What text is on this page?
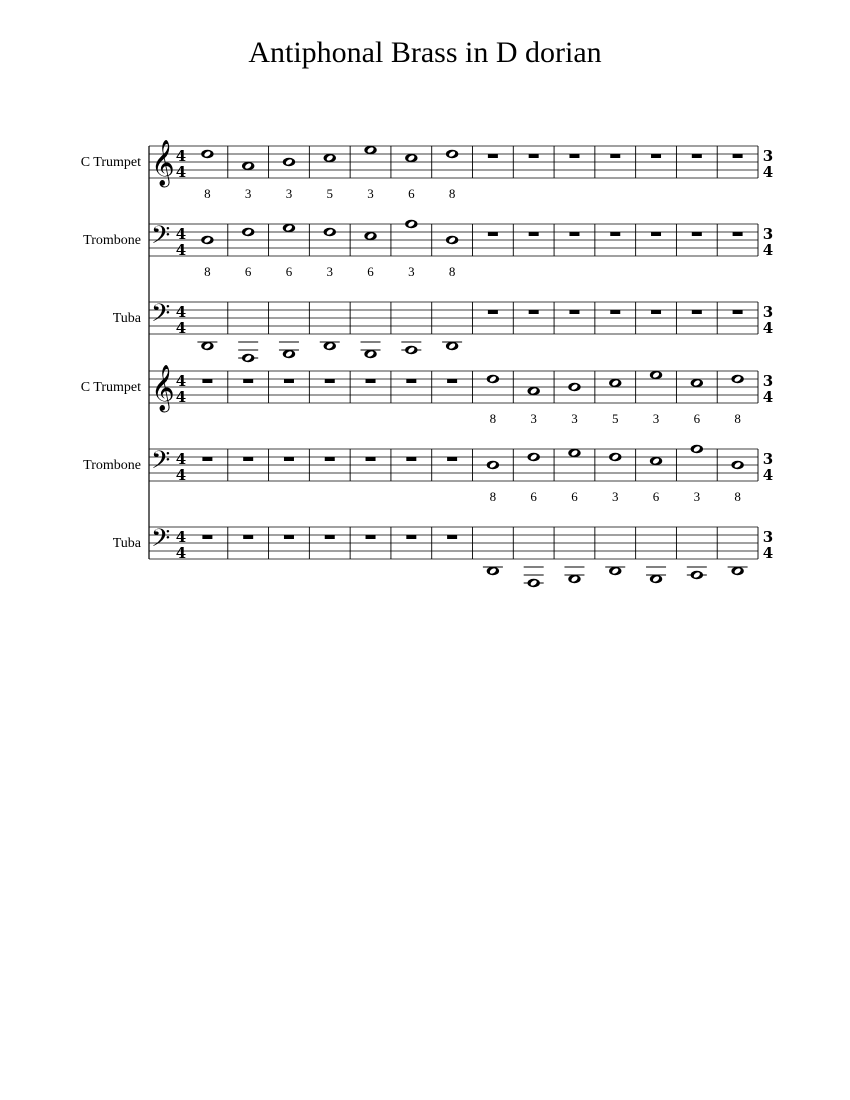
Antiphonal Brass in D dorian
C Trumpet 𝄞 4
4
3
4
8	3	3	5	3	6	8
Trombone 𝄢 4
4
3
4
8	6	6	3	6	3	8
Tuba 𝄢 4
4
3
4
C Trumpet 𝄞 4
4
3
4
8	3	3	5	3	6	8
Trombone 𝄢 4
4
3
4
8	6	6	3	6	3	8
Tuba 𝄢 4
4
3
4
